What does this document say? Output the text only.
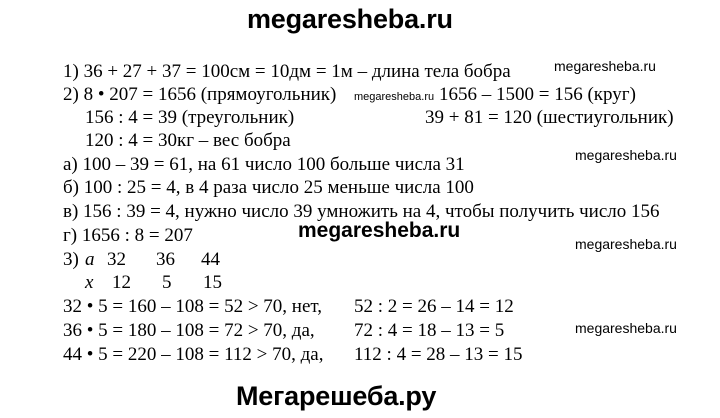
megaresheba.ru
1) 36 + 27 + 37 = 100см = 10дм = 1м – длина тела бобра
2) 8 • 207 = 1656 (прямоугольник)	1656 – 1500 = 156 (круг)
156 : 4 = 39 (треугольник)	39 + 81 = 120 (шестиугольник)
120 : 4 = 30кг – вес бобра
а) 100 – 39 = 61, на 61 число 100 больше числа 31
б) 100 : 25 = 4, в 4 раза число 25 меньше числа 100
в) 156 : 39 = 4, нужно число 39 умножить на 4, чтобы получить число 156
г) 1656 : 8 = 207
3) a 32 36 44
x 12 5 15
32 • 5 = 160 – 108 = 52 > 70, нет, 52 : 2 = 26 – 14 = 12
36 • 5 = 180 – 108 = 72 > 70, да, 72 : 4 = 18 – 13 = 5
44 • 5 = 220 – 108 = 112 > 70, да, 112 : 4 = 28 – 13 = 15
megaresheba.ru
megaresheba.ru
megaresheba.ru
megaresheba.ru
megaresheba.ru
megaresheba.ru
Мегарешеба.ру
